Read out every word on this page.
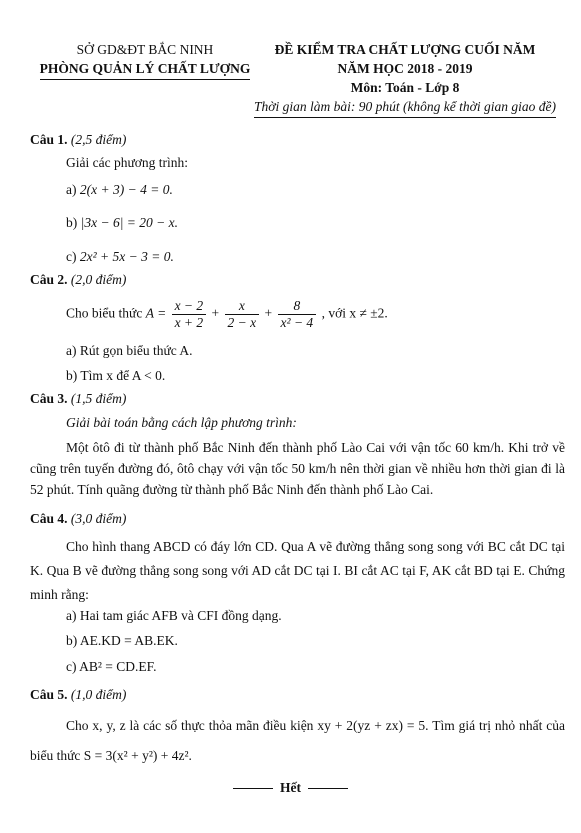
SỞ GD&ĐT BẮC NINH
PHÒNG QUẢN LÝ CHẤT LƯỢNG
ĐỀ KIỂM TRA CHẤT LƯỢNG CUỐI NĂM
NĂM HỌC 2018 - 2019
Môn: Toán - Lớp 8
Thời gian làm bài: 90 phút (không kể thời gian giao đề)
Câu 1. (2,5 điểm)
Giải các phương trình:
a) 2(x + 3) − 4 = 0.
b) |3x − 6| = 20 − x.
c) 2x² + 5x − 3 = 0.
Câu 2. (2,0 điểm)
Cho biểu thức $A = \frac{x - 2}{x + 2} + \frac{x}{2 - x} + \frac{8}{\text{x² − 4}}$ , với x ≠ ±2.
a) Rút gọn biểu thức A.
b) Tìm x để A < 0.
Câu 3. (1,5 điểm)
Giải bài toán bằng cách lập phương trình:
Một ôtô đi từ thành phố Bắc Ninh đến thành phố Lào Cai với vận tốc 60 km/h. Khi trở về cũng trên tuyến đường đó, ôtô chạy với vận tốc 50 km/h nên thời gian về nhiều hơn thời gian đi là 52 phút. Tính quãng đường từ thành phố Bắc Ninh đến thành phố Lào Cai.
Câu 4. (3,0 điểm)
Cho hình thang ABCD có đáy lớn CD. Qua A vẽ đường thẳng song song với BC cắt DC tại K. Qua B vẽ đường thẳng song song với AD cắt DC tại I. BI cắt AC tại F, AK cắt BD tại E. Chứng minh rằng:
a) Hai tam giác AFB và CFI đồng dạng.
b) AE.KD = AB.EK.
c) AB² = CD.EF.
Câu 5. (1,0 điểm)
Cho x, y, z là các số thực thỏa mãn điều kiện xy + 2(yz + zx) = 5. Tìm giá trị nhỏ nhất của biểu thức S = 3(x² + y²) + 4z².
Hết
